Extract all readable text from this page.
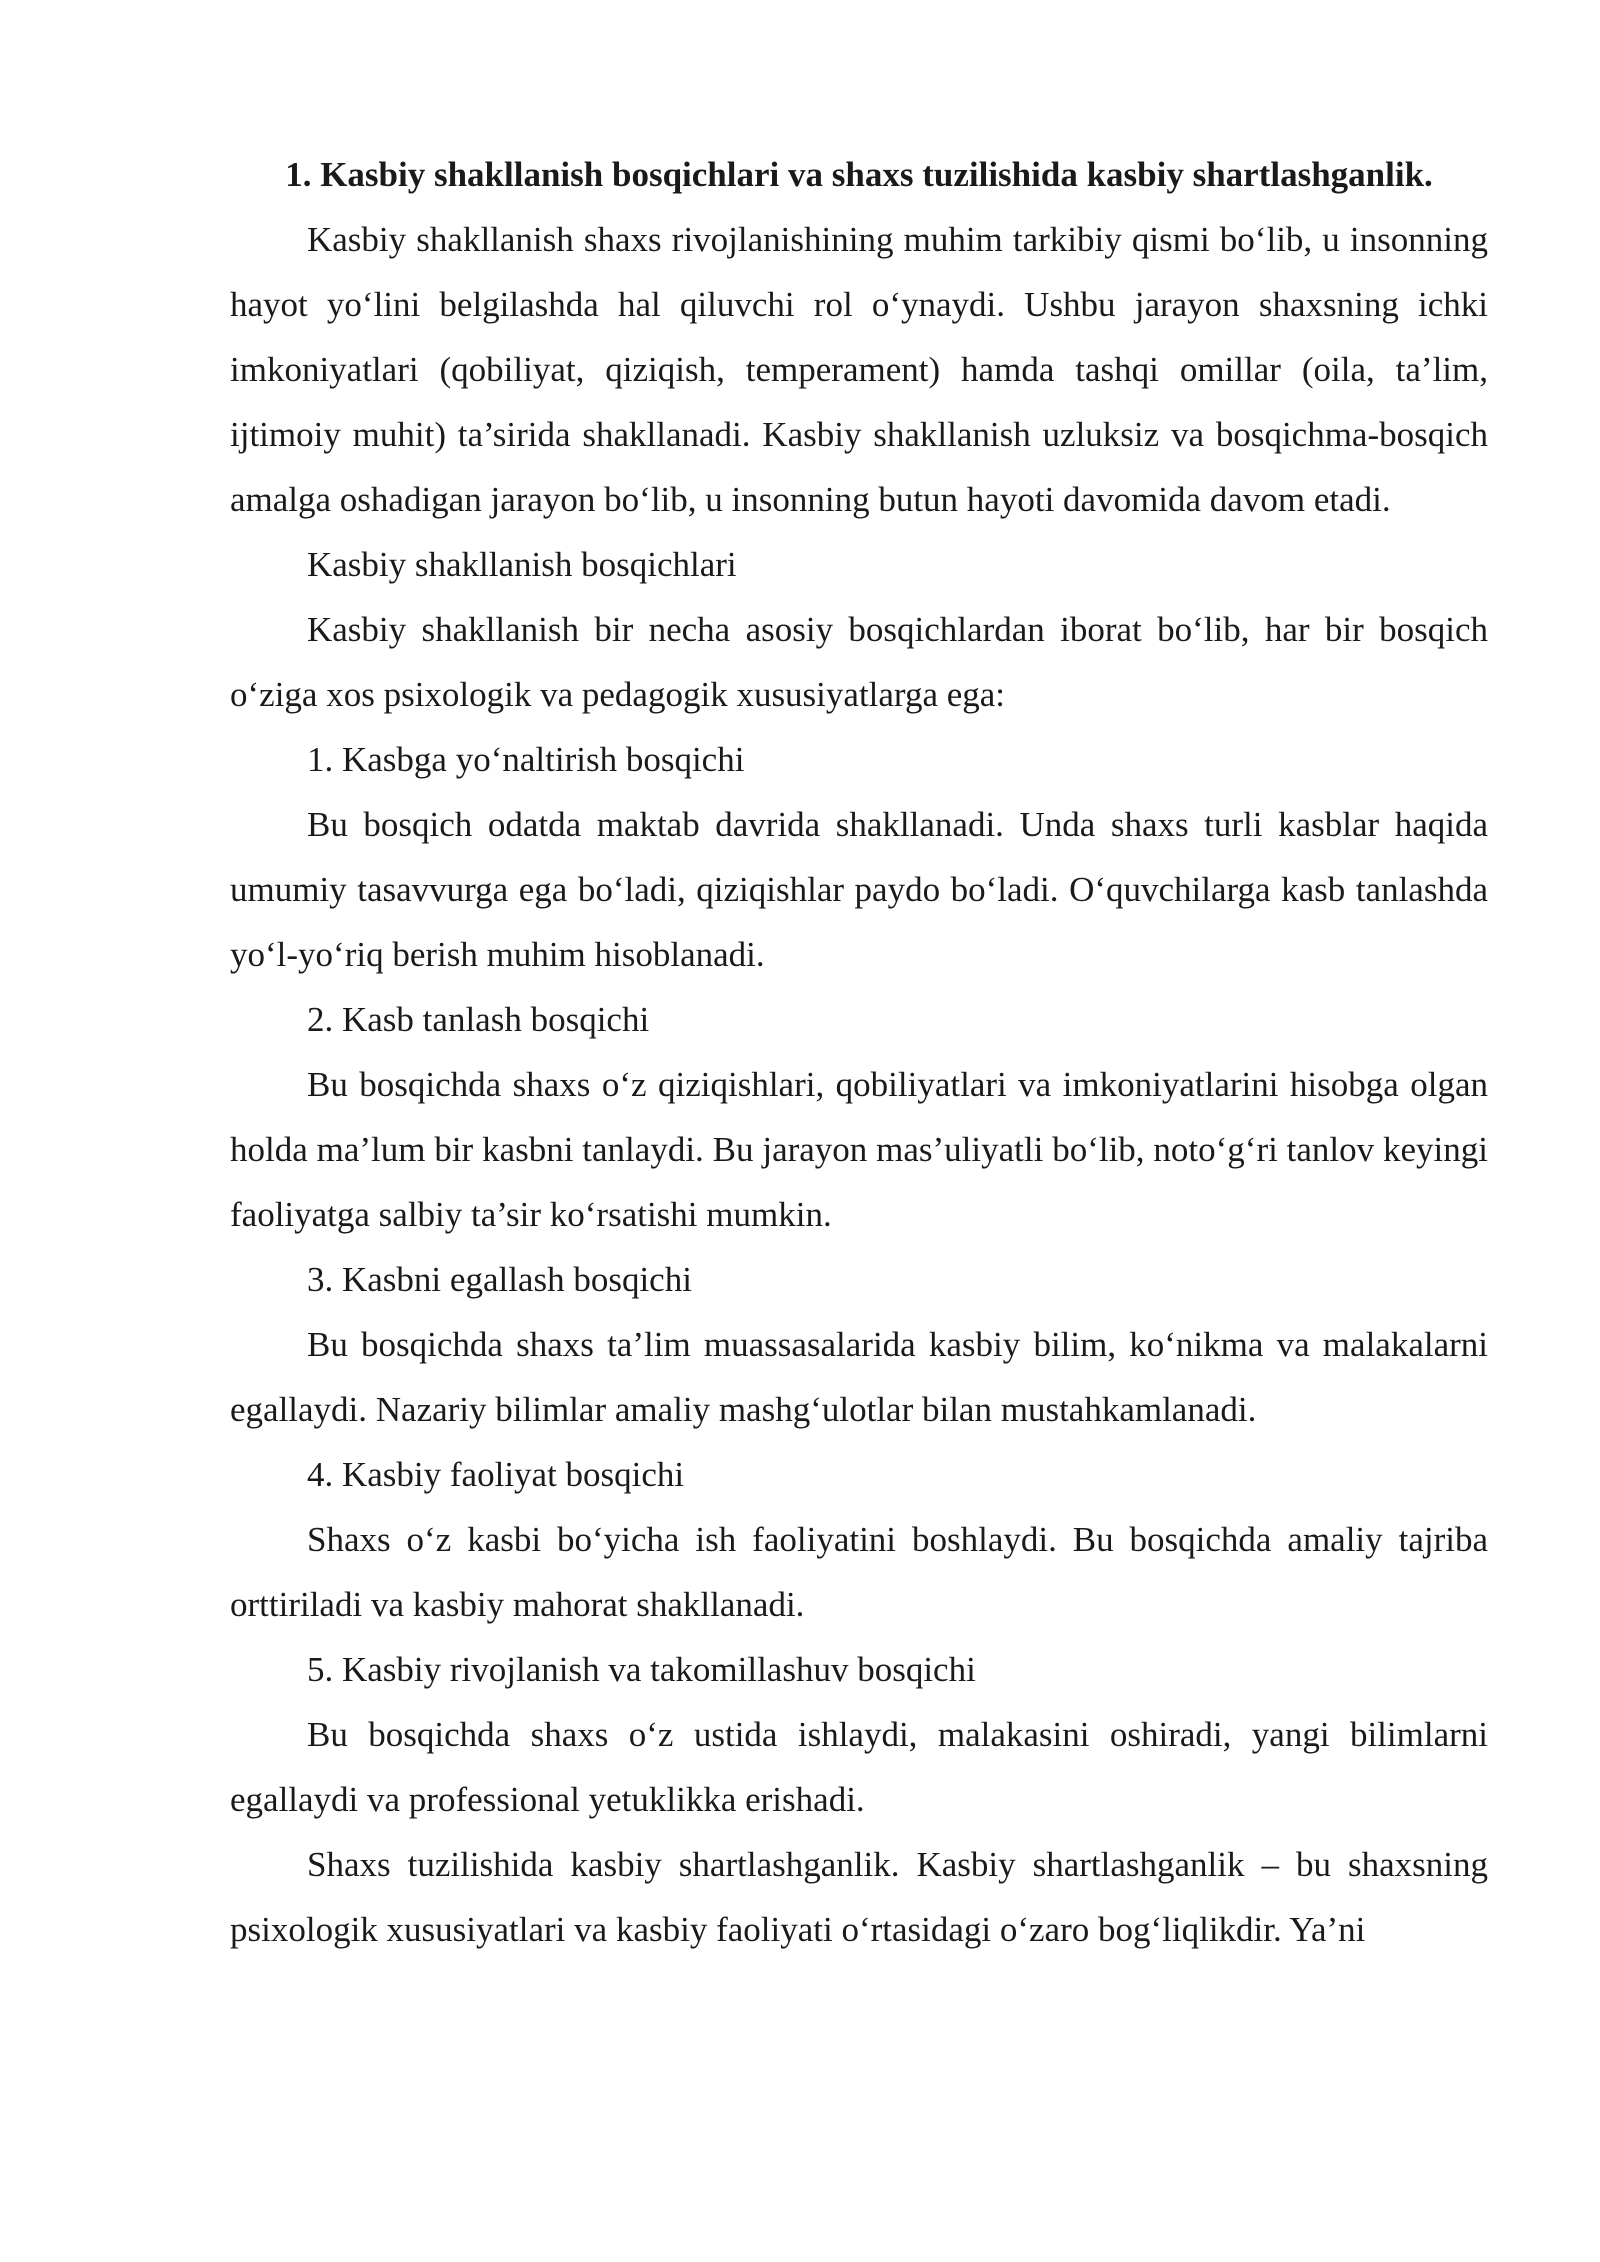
1. Kasbiy shakllanish bosqichlari va shaxs tuzilishida kasbiy shartlashganlik.

Kasbiy shakllanish shaxs rivojlanishining muhim tarkibiy qismi bo‘lib, u insonning hayot yo‘lini belgilashda hal qiluvchi rol o‘ynaydi. Ushbu jarayon shaxsning ichki imkoniyatlari (qobiliyat, qiziqish, temperament) hamda tashqi omillar (oila, ta’lim, ijtimoiy muhit) ta’sirida shakllanadi. Kasbiy shakllanish uzluksiz va bosqichma-bosqich amalga oshadigan jarayon bo‘lib, u insonning butun hayoti davomida davom etadi.

Kasbiy shakllanish bosqichlari

Kasbiy shakllanish bir necha asosiy bosqichlardan iborat bo‘lib, har bir bosqich o‘ziga xos psixologik va pedagogik xususiyatlarga ega:

1. Kasbga yo‘naltirish bosqichi

Bu bosqich odatda maktab davrida shakllanadi. Unda shaxs turli kasblar haqida umumiy tasavvurga ega bo‘ladi, qiziqishlar paydo bo‘ladi. O‘quvchilarga kasb tanlashda yo‘l-yo‘riq berish muhim hisoblanadi.

2. Kasb tanlash bosqichi

Bu bosqichda shaxs o‘z qiziqishlari, qobiliyatlari va imkoniyatlarini hisobga olgan holda ma’lum bir kasbni tanlaydi. Bu jarayon mas’uliyatli bo‘lib, noto‘g‘ri tanlov keyingi faoliyatga salbiy ta’sir ko‘rsatishi mumkin.

3. Kasbni egallash bosqichi

Bu bosqichda shaxs ta’lim muassasalarida kasbiy bilim, ko‘nikma va malakalarni egallaydi. Nazariy bilimlar amaliy mashg‘ulotlar bilan mustahkamlanadi.

4. Kasbiy faoliyat bosqichi

Shaxs o‘z kasbi bo‘yicha ish faoliyatini boshlaydi. Bu bosqichda amaliy tajriba orttiriladi va kasbiy mahorat shakllanadi.

5. Kasbiy rivojlanish va takomillashuv bosqichi

Bu bosqichda shaxs o‘z ustida ishlaydi, malakasini oshiradi, yangi bilimlarni egallaydi va professional yetuklikka erishadi.

Shaxs tuzilishida kasbiy shartlashganlik. Kasbiy shartlashganlik – bu shaxsning psixologik xususiyatlari va kasbiy faoliyati o‘rtasidagi o‘zaro bog‘liqlikdir. Ya’ni
